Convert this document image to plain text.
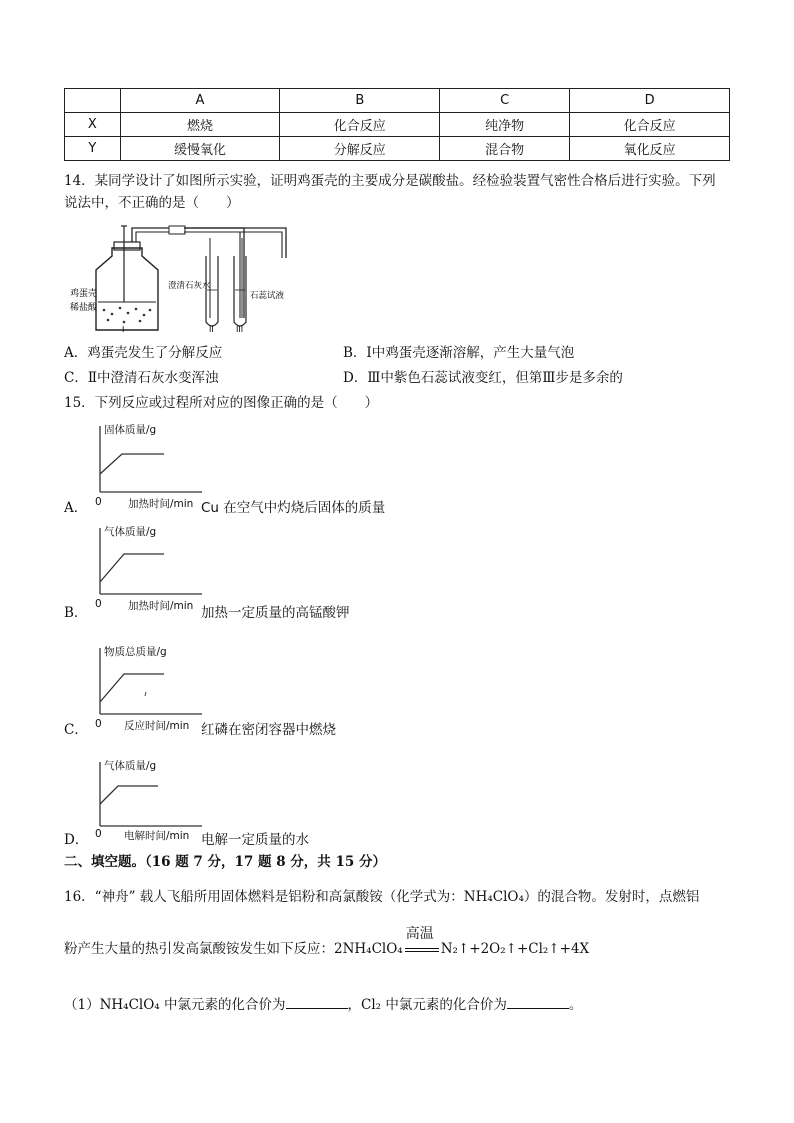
	A	B	C	D
X	燃烧	化合反应	纯净物	化合反应
Y	缓慢氧化	分解反应	混合物	氧化反应
14．某同学设计了如图所示实验，证明鸡蛋壳的主要成分是碳酸盐。经检验装置气密性合格后进行实验。下列
说法中，不正确的是（　　）
鸡蛋壳
稀盐酸
I
澄清石灰水
II
石蕊试液
III
A．鸡蛋壳发生了分解反应	B．Ⅰ中鸡蛋壳逐渐溶解，产生大量气泡
C．Ⅱ中澄清石灰水变浑浊	D．Ⅲ中紫色石蕊试液变红，但第Ⅲ步是多余的
15．下列反应或过程所对应的图像正确的是（　　）
固体质量/g
0	加热时间/min
A．	Cu 在空气中灼烧后固体的质量
气体质量/g
0	加热时间/min
B．	加热一定质量的高锰酸钾
物质总质量/g
0 反应时间/min
C．	红磷在密闭容器中燃烧
气体质量/g
0 电解时间/min
D．	电解一定质量的水
二、填空题。（16 题 7 分，17 题 8 分，共 15 分）
16．“神舟” 载人飞船所用固体燃料是铝粉和高氯酸铵（化学式为：NH₄ClO₄）的混合物。发射时，点燃铝
粉产生大量的热引发高氯酸铵发生如下反应：2NH₄ClO₄
高温
N₂↑+2O₂↑+Cl₂↑+4X
（1）NH₄ClO₄ 中氯元素的化合价为	，Cl₂ 中氯元素的化合价为	。
